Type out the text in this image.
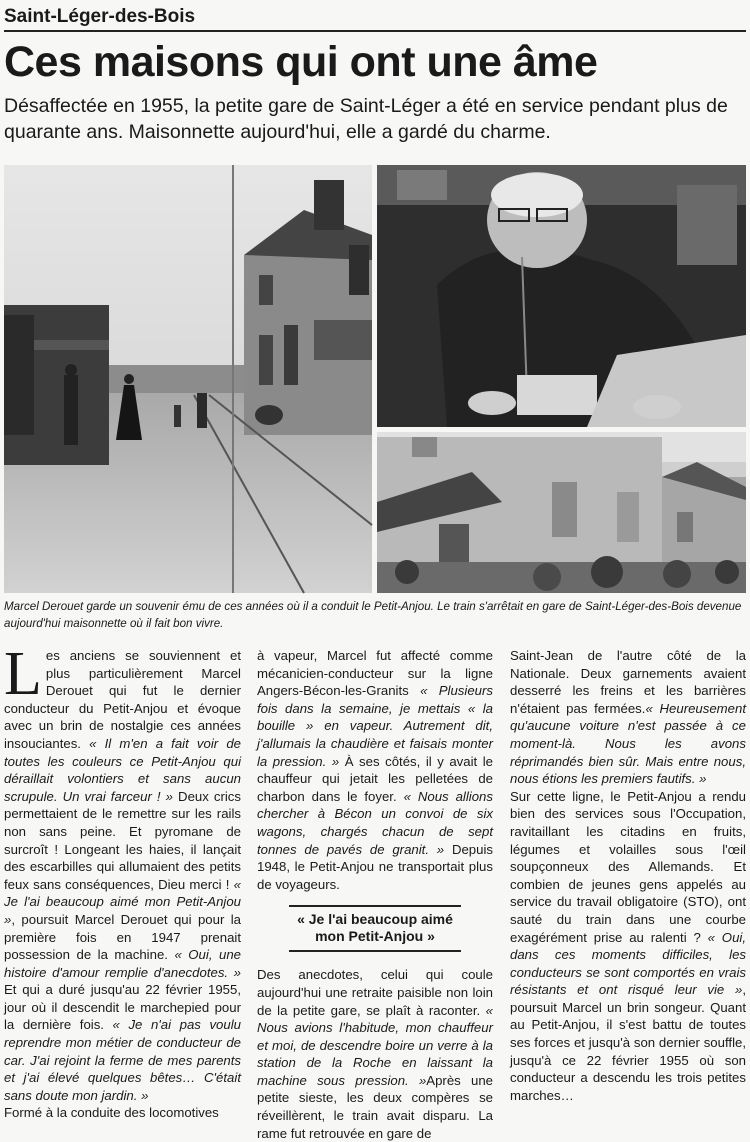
Saint-Léger-des-Bois
Ces maisons qui ont une âme

Désaffectée en 1955, la petite gare de Saint-Léger a été en service pendant plus de quarante ans. Maisonnette aujourd'hui, elle a gardé du charme.

Marcel Derouet garde un souvenir ému de ces années où il a conduit le Petit-Anjou. Le train s'arrêtait en gare de Saint-Léger-des-Bois devenue aujourd'hui maisonnette où il fait bon vivre.

Les anciens se souviennent et plus particulièrement Marcel Derouet qui fut le dernier conducteur du Petit-Anjou et évoque avec un brin de nostalgie ces années insouciantes. « Il m'en a fait voir de toutes les couleurs ce Petit-Anjou qui déraillait volontiers et sans aucun scrupule. Un vrai farceur ! » Deux crics permettaient de le remettre sur les rails non sans peine. Et pyromane de surcroît ! Longeant les haies, il lançait des escarbilles qui allumaient des petits feux sans conséquences, Dieu merci ! « Je l'ai beaucoup aimé mon Petit-Anjou », poursuit Marcel Derouet qui pour la première fois en 1947 prenait possession de la machine. « Oui, une histoire d'amour remplie d'anecdotes. » Et qui a duré jusqu'au 22 février 1955, jour où il descendit le marchepied pour la dernière fois. « Je n'ai pas voulu reprendre mon métier de conducteur de car. J'ai rejoint la ferme de mes parents et j'ai élevé quelques bêtes… C'était sans doute mon jardin. »

Formé à la conduite des locomotives

à vapeur, Marcel fut affecté comme mécanicien-conducteur sur la ligne Angers-Bécon-les-Granits « Plusieurs fois dans la semaine, je mettais « la bouille » en vapeur. Autrement dit, j'allumais la chaudière et faisais monter la pression. » À ses côtés, il y avait le chauffeur qui jetait les pelletées de charbon dans le foyer. « Nous allions chercher à Bécon un convoi de six wagons, chargés chacun de sept tonnes de pavés de granit. » Depuis 1948, le Petit-Anjou ne transportait plus de voyageurs.

« Je l'ai beaucoup aimé mon Petit-Anjou »

Des anecdotes, celui qui coule aujourd'hui une retraite paisible non loin de la petite gare, se plaît à raconter. « Nous avions l'habitude, mon chauffeur et moi, de descendre boire un verre à la station de la Roche en laissant la machine sous pression. »Après une petite sieste, les deux compères se réveillèrent, le train avait disparu. La rame fut retrouvée en gare de

Saint-Jean de l'autre côté de la Nationale. Deux garnements avaient desserré les freins et les barrières n'étaient pas fermées.« Heureusement qu'aucune voiture n'est passée à ce moment-là. Nous les avons réprimandés bien sûr. Mais entre nous, nous étions les premiers fautifs. »

Sur cette ligne, le Petit-Anjou a rendu bien des services sous l'Occupation, ravitaillant les citadins en fruits, légumes et volailles sous l'œil soupçonneux des Allemands. Et combien de jeunes gens appelés au service du travail obligatoire (STO), ont sauté du train dans une courbe exagérément prise au ralenti ? « Oui, dans ces moments difficiles, les conducteurs se sont comportés en vrais résistants et ont risqué leur vie », poursuit Marcel un brin songeur. Quant au Petit-Anjou, il s'est battu de toutes ses forces et jusqu'à son dernier souffle, jusqu'à ce 22 février 1955 où son conducteur a descendu les trois petites marches…
